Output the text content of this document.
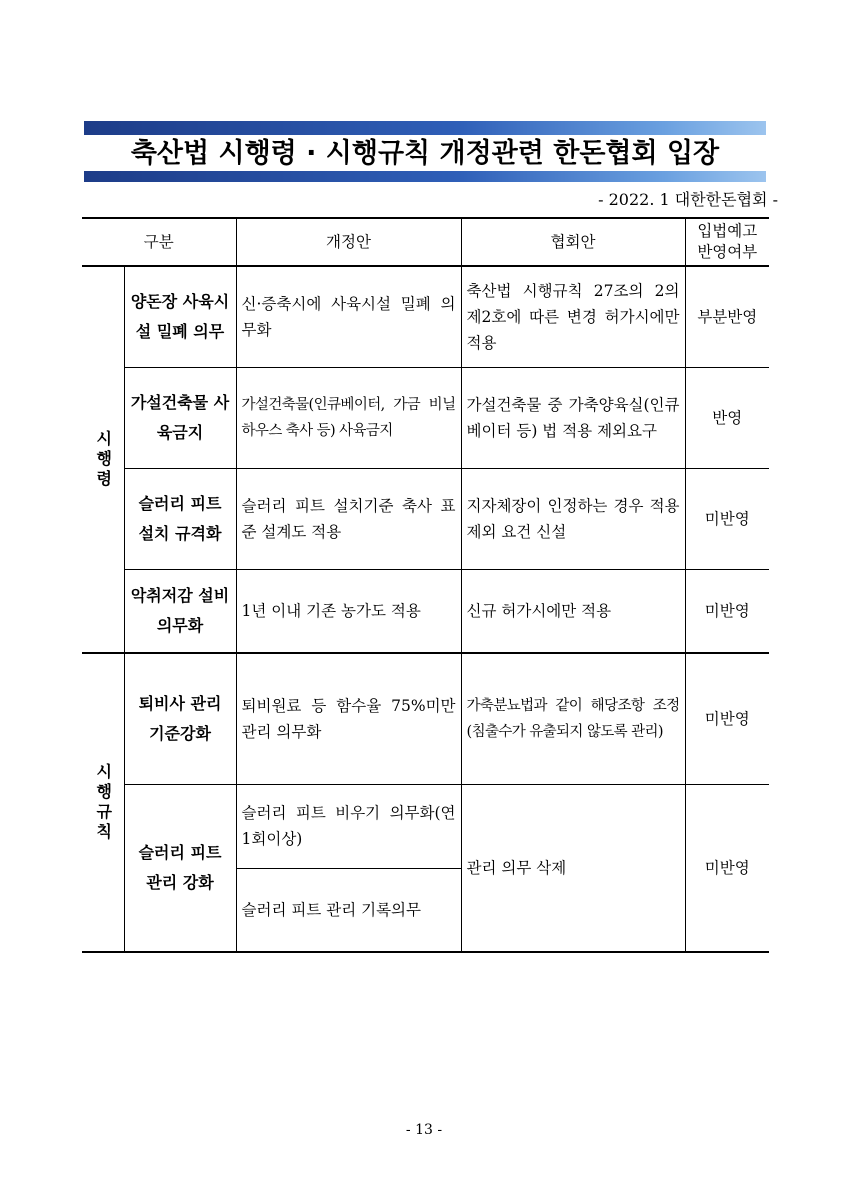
축산법 시행령 · 시행규칙 개정관련 한돈협회 입장
- 2022. 1 대한한돈협회 -
구분		개정안	협회안	입법예고 반영여부

시행령	양돈장 사육시설 밀폐 의무	신·증축시에 사육시설 밀폐 의무화	축산법 시행규칙 27조의 2의 제2호에 따른 변경 허가시에만 적용	부분반영
	가설건축물 사육금지	가설건축물(인큐베이터, 가금 비닐하우스 축사 등) 사육금지	가설건축물 중 가축양육실(인큐베이터 등) 법 적용 제외요구	반영
	슬러리 피트 설치 규격화	슬러리 피트 설치기준 축사 표준 설계도 적용	지자체장이 인정하는 경우 적용제외 요건 신설	미반영
	악취저감 설비 의무화	1년 이내 기존 농가도 적용	신규 허가시에만 적용	미반영

시행규칙	퇴비사 관리 기준강화	퇴비원료 등 함수율 75%미만 관리 의무화	가축분뇨법과 같이 해당조항 조정(침출수가 유출되지 않도록 관리)	미반영
	슬러리 피트 관리 강화	슬러리 피트 비우기 의무화(연 1회이상)	관리 의무 삭제	미반영
		슬러리 피트 관리 기록의무		
- 13 -
